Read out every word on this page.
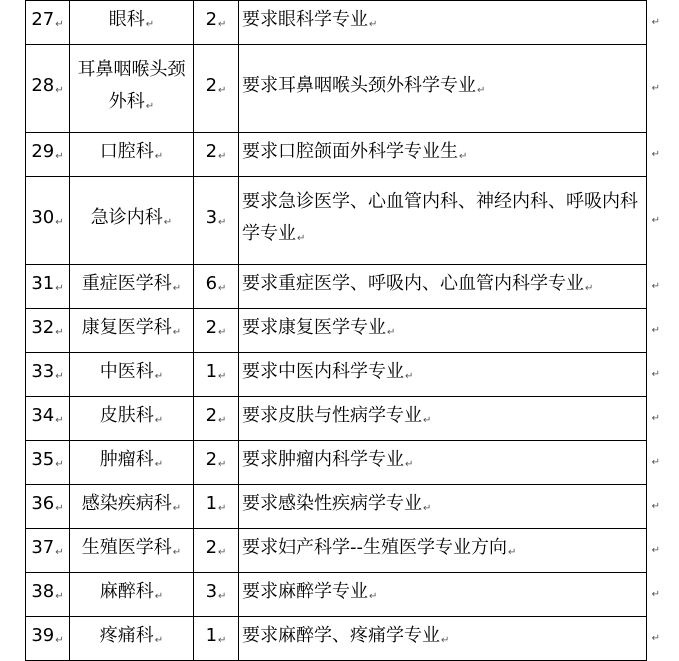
27↵	眼科↵	2↵	要求眼科学专业↵ ↵

28↵	耳鼻咽喉头颈外科↵	2↵	要求耳鼻咽喉头颈外科学专业↵ ↵

29↵	口腔科↵	2↵	要求口腔颌面外科学专业生↵ ↵

30↵	急诊内科↵	3↵	要求急诊医学、心血管内科、神经内科、呼吸内科学专业↵
↵

31↵	重症医学科↵	6↵	要求重症医学、呼吸内、心血管内科学专业↵ ↵

32↵	康复医学科↵	2↵	要求康复医学专业↵ ↵

33↵	中医科↵	1↵	要求中医内科学专业↵ ↵

34↵	皮肤科↵	2↵	要求皮肤与性病学专业↵ ↵

35↵	肿瘤科↵	2↵	要求肿瘤内科学专业↵ ↵

36↵	感染疾病科↵	1↵	要求感染性疾病学专业↵ ↵

37↵	生殖医学科↵	2↵	要求妇产科学--生殖医学专业方向↵ ↵

38↵	麻醉科↵	3↵	要求麻醉学专业↵ ↵

39↵	疼痛科↵	1↵	要求麻醉学、疼痛学专业↵ ↵
